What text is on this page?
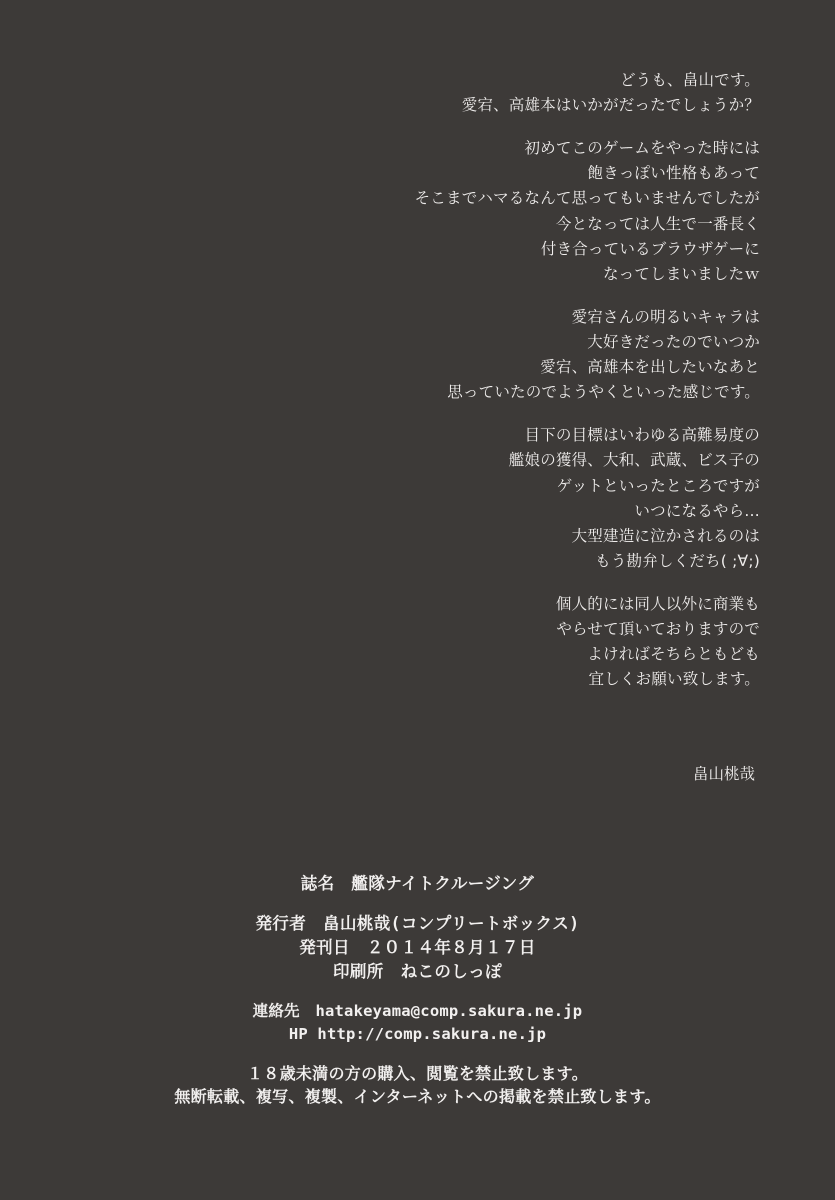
どうも、畠山です。
愛宕、高雄本はいかがだったでしょうか？
初めてこのゲームをやった時には
飽きっぽい性格もあって
そこまでハマるなんて思ってもいませんでしたが
今となっては人生で一番長く
付き合っているブラウザゲーに
なってしまいましたｗ
愛宕さんの明るいキャラは
大好きだったのでいつか
愛宕、高雄本を出したいなあと
思っていたのでようやくといった感じです。
目下の目標はいわゆる高難易度の
艦娘の獲得、大和、武蔵、ビス子の
ゲットといったところですが
いつになるやら…
大型建造に泣かされるのは
もう勘弁しくだち( ;∀;)
個人的には同人以外に商業も
やらせて頂いておりますので
よければそちらともども
宜しくお願い致します。
畠山桃哉
誌名　艦隊ナイトクルージング
発行者　畠山桃哉(コンプリートボックス)
発刊日　２０１４年８月１７日
印刷所　ねこのしっぽ
連絡先　hatakeyama@comp.sakura.ne.jp
HP http://comp.sakura.ne.jp
１８歳未満の方の購入、閲覧を禁止致します。
無断転載、複写、複製、インターネットへの掲載を禁止致します。
